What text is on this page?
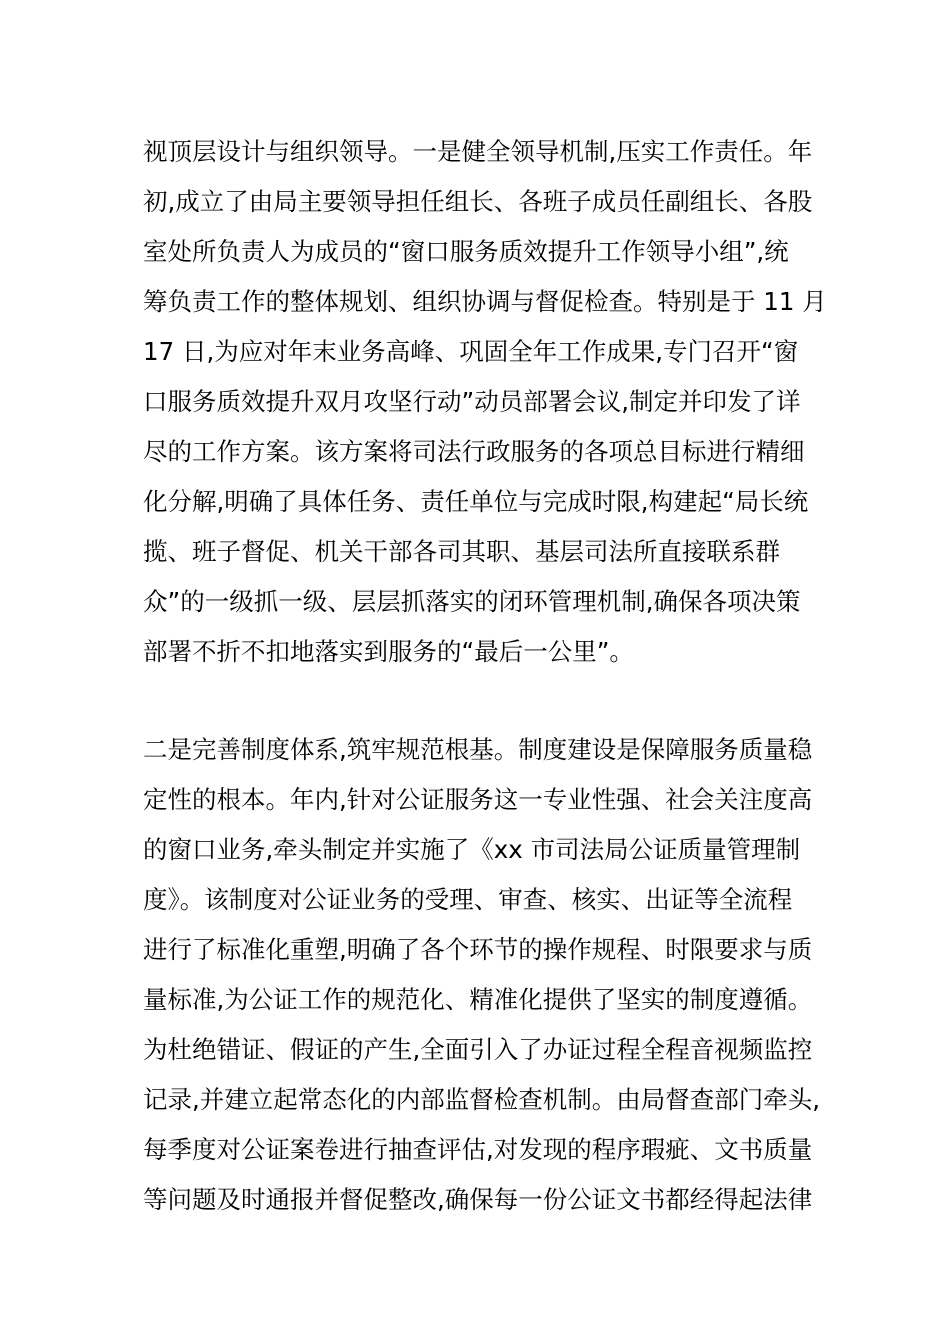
视顶层设计与组织领导。一是健全领导机制,压实工作责任。年
初,成立了由局主要领导担任组长、各班子成员任副组长、各股
室处所负责人为成员的“窗口服务质效提升工作领导小组”,统
筹负责工作的整体规划、组织协调与督促检查。特别是于 11 月
17 日,为应对年末业务高峰、巩固全年工作成果,专门召开“窗
口服务质效提升双月攻坚行动”动员部署会议,制定并印发了详
尽的工作方案。该方案将司法行政服务的各项总目标进行精细
化分解,明确了具体任务、责任单位与完成时限,构建起“局长统
揽、班子督促、机关干部各司其职、基层司法所直接联系群
众”的一级抓一级、层层抓落实的闭环管理机制,确保各项决策
部署不折不扣地落实到服务的“最后一公里”。
二是完善制度体系,筑牢规范根基。制度建设是保障服务质量稳
定性的根本。年内,针对公证服务这一专业性强、社会关注度高
的窗口业务,牵头制定并实施了《xx 市司法局公证质量管理制
度》。该制度对公证业务的受理、审查、核实、出证等全流程
进行了标准化重塑,明确了各个环节的操作规程、时限要求与质
量标准,为公证工作的规范化、精准化提供了坚实的制度遵循。
为杜绝错证、假证的产生,全面引入了办证过程全程音视频监控
记录,并建立起常态化的内部监督检查机制。由局督查部门牵头,
每季度对公证案卷进行抽查评估,对发现的程序瑕疵、文书质量
等问题及时通报并督促整改,确保每一份公证文书都经得起法律
